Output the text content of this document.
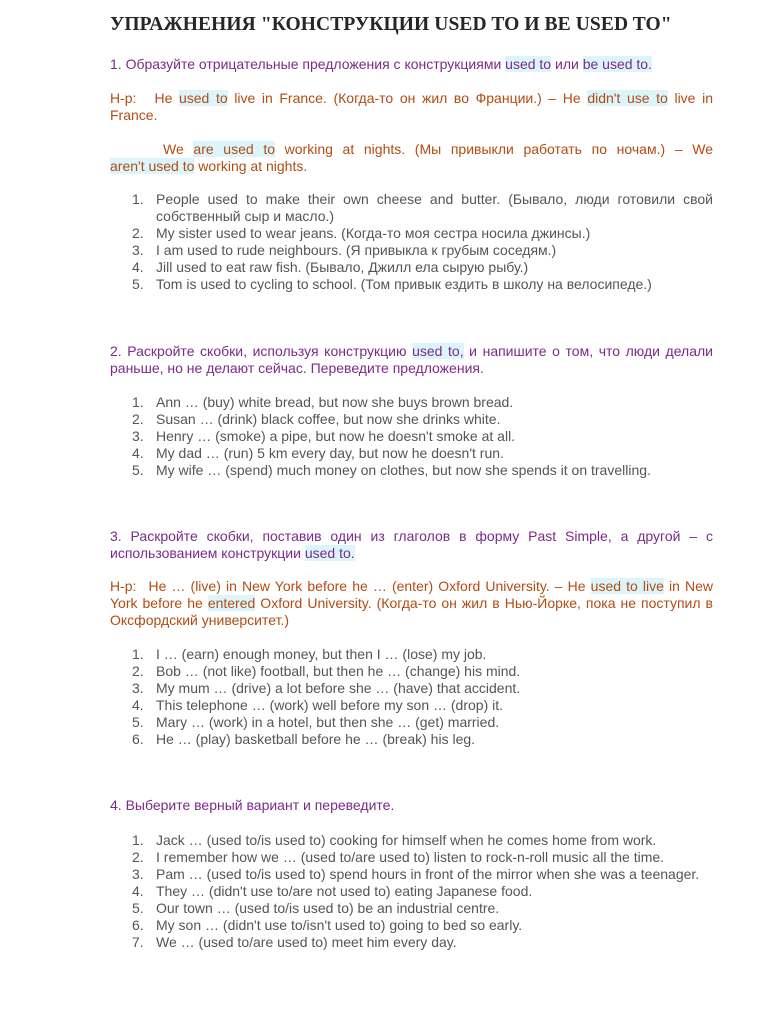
УПРАЖНЕНИЯ "КОНСТРУКЦИИ USED TO И BE USED TO"
1. Образуйте отрицательные предложения с конструкциями used to или be used to.
Н-р: Не used to live in France. (Когда-то он жил во Франции.) – Не didn't use to live in France.
We are used to working at nights. (Мы привыкли работать по ночам.) – We aren't used to working at nights.
1. People used to make their own cheese and butter. (Бывало, люди готовили свой собственный сыр и масло.)
2. My sister used to wear jeans. (Когда-то моя сестра носила джинсы.)
3. I am used to rude neighbours. (Я привыкла к грубым соседям.)
4. Jill used to eat raw fish. (Бывало, Джилл ела сырую рыбу.)
5. Tom is used to cycling to school. (Том привык ездить в школу на велосипеде.)
2. Раскройте скобки, используя конструкцию used to, и напишите о том, что люди делали раньше, но не делают сейчас. Переведите предложения.
1. Ann … (buy) white bread, but now she buys brown bread.
2. Susan … (drink) black coffee, but now she drinks white.
3. Henry … (smoke) a pipe, but now he doesn't smoke at all.
4. My dad … (run) 5 km every day, but now he doesn't run.
5. My wife … (spend) much money on clothes, but now she spends it on travelling.
3. Раскройте скобки, поставив один из глаголов в форму Past Simple, а другой – с использованием конструкции used to.
Н-р: He … (live) in New York before he … (enter) Oxford University. – He used to live in New York before he entered Oxford University. (Когда-то он жил в Нью-Йорке, пока не поступил в Оксфордский университет.)
1. I … (earn) enough money, but then I … (lose) my job.
2. Bob … (not like) football, but then he … (change) his mind.
3. My mum … (drive) a lot before she … (have) that accident.
4. This telephone … (work) well before my son … (drop) it.
5. Mary … (work) in a hotel, but then she … (get) married.
6. He … (play) basketball before he … (break) his leg.
4. Выберите верный вариант и переведите.
1. Jack … (used to/is used to) cooking for himself when he comes home from work.
2. I remember how we … (used to/are used to) listen to rock-n-roll music all the time.
3. Pam … (used to/is used to) spend hours in front of the mirror when she was a teenager.
4. They … (didn't use to/are not used to) eating Japanese food.
5. Our town … (used to/is used to) be an industrial centre.
6. My son … (didn't use to/isn't used to) going to bed so early.
7. We … (used to/are used to) meet him every day.
